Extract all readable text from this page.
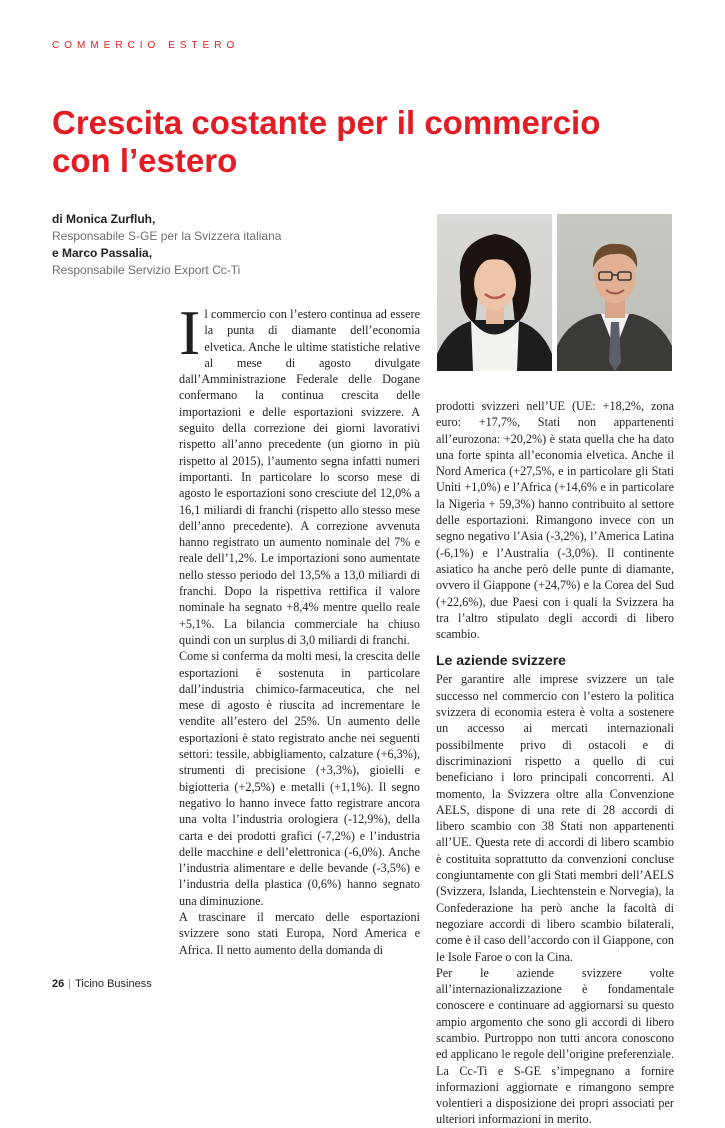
COMMERCIO ESTERO
Crescita costante per il commercio con l’estero
di Monica Zurfluh,
Responsabile S-GE per la Svizzera italiana
e Marco Passalia,
Responsabile Servizio Export Cc-Ti

Il commercio con l’estero continua ad essere la punta di diamante dell’economia elvetica. Anche le ultime statistiche relative al mese di agosto divulgate dall’Amministrazione Federale delle Dogane confermano la continua crescita delle importazioni e delle esportazioni svizzere. A seguito della correzione dei giorni lavorativi rispetto all’anno precedente (un giorno in più rispetto al 2015), l’aumento segna infatti numeri importanti. In particolare lo scorso mese di agosto le esportazioni sono cresciute del 12,0% a 16,1 miliardi di franchi (rispetto allo stesso mese dell’anno precedente). A correzione avvenuta hanno registrato un aumento nominale del 7% e reale dell’1,2%. Le importazioni sono aumentate nello stesso periodo del 13,5% a 13,0 miliardi di franchi. Dopo la rispettiva rettifica il valore nominale ha segnato +8,4% mentre quello reale +5,1%. La bilancia commerciale ha chiuso quindi con un surplus di 3,0 miliardi di franchi.

Come si conferma da molti mesi, la crescita delle esportazioni è sostenuta in particolare dall’industria chimico-farmaceutica, che nel mese di agosto è riuscita ad incrementare le vendite all’estero del 25%. Un aumento delle esportazioni è stato registrato anche nei seguenti settori: tessile, abbigliamento, calzature (+6,3%), strumenti di precisione (+3,3%), gioielli e bigiotteria (+2,5%) e metalli (+1,1%). Il segno negativo lo hanno invece fatto registrare ancora una volta l’industria orologiera (-12,9%), della carta e dei prodotti grafici (-7,2%) e l’industria delle macchine e dell’elettronica (-6,0%). Anche l’industria alimentare e delle bevande (-3,5%) e l’industria della plastica (0,6%) hanno segnato una diminuzione.

A trascinare il mercato delle esportazioni svizzere sono stati Europa, Nord America e Africa. Il netto aumento della domanda di

prodotti svizzeri nell’UE (UE: +18,2%, zona euro: +17,7%, Stati non appartenenti all’eurozona: +20,2%) è stata quella che ha dato una forte spinta all’economia elvetica. Anche il Nord America (+27,5%, e in particolare gli Stati Uniti +1,0%) e l’Africa (+14,6% e in particolare la Nigeria + 59,3%) hanno contribuito al settore delle esportazioni. Rimangono invece con un segno negativo l’Asia (-3,2%), l’America Latina (-6,1%) e l’Australia (-3,0%). Il continente asiatico ha anche però delle punte di diamante, ovvero il Giappone (+24,7%) e la Corea del Sud (+22,6%), due Paesi con i quali la Svizzera ha tra l’altro stipulato degli accordi di libero scambio.

Le aziende svizzere

Per garantire alle imprese svizzere un tale successo nel commercio con l’estero la politica svizzera di economia estera è volta a sostenere un accesso ai mercati internazionali possibilmente privo di ostacoli e di discriminazioni rispetto a quello di cui beneficiano i loro principali concorrenti. Al momento, la Svizzera oltre alla Convenzione AELS, dispone di una rete di 28 accordi di libero scambio con 38 Stati non appartenenti all’UE. Questa rete di accordi di libero scambio è costituita soprattutto da convenzioni concluse congiuntamente con gli Stati membri dell’AELS (Svizzera, Islanda, Liechtenstein e Norvegia), la Confederazione ha però anche la facoltà di negoziare accordi di libero scambio bilaterali, come è il caso dell’accordo con il Giappone, con le Isole Faroe o con la Cina.

Per le aziende svizzere volte all’internazionalizzazione è fondamentale conoscere e continuare ad aggiornarsi su questo ampio argomento che sono gli accordi di libero scambio. Purtroppo non tutti ancora conoscono ed applicano le regole dell’origine preferenziale. La Cc-Ti e S-GE s’impegnano a fornire informazioni aggiornate e rimangono sempre volentieri a disposizione dei propri associati per ulteriori informazioni in merito.

26 | Ticino Business
